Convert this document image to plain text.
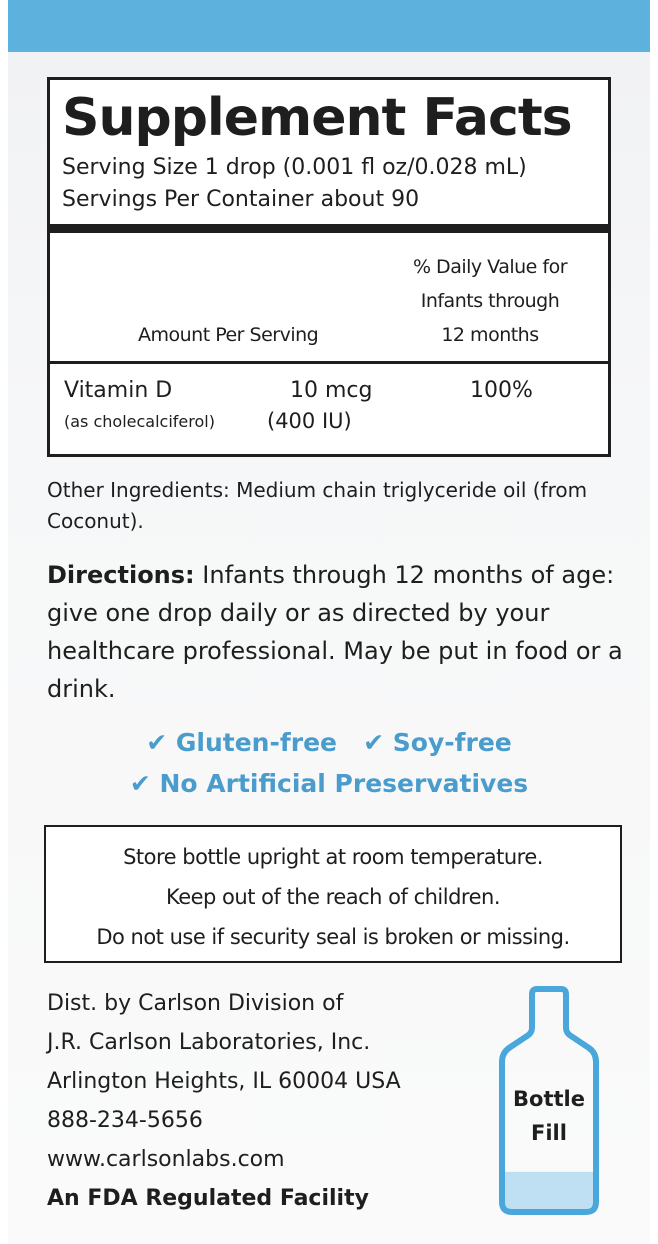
Supplement Facts
Serving Size 1 drop (0.001 fl oz/0.028 mL)
Servings Per Container about 90
% Daily Value for
Infants through
12 months
Amount Per Serving
Vitamin D
(as cholecalciferol)
10 mcg
(400 IU)
100%
Other Ingredients: Medium chain triglyceride oil (from Coconut).
Directions: Infants through 12 months of age: give one drop daily or as directed by your healthcare professional. May be put in food or a drink.
✔ Gluten-free ✔ Soy-free
✔ No Artificial Preservatives
Store bottle upright at room temperature.
Keep out of the reach of children.
Do not use if security seal is broken or missing.
Dist. by Carlson Division of
J.R. Carlson Laboratories, Inc.
Arlington Heights, IL 60004 USA
888-234-5656
www.carlsonlabs.com
An FDA Regulated Facility
Bottle
Fill
